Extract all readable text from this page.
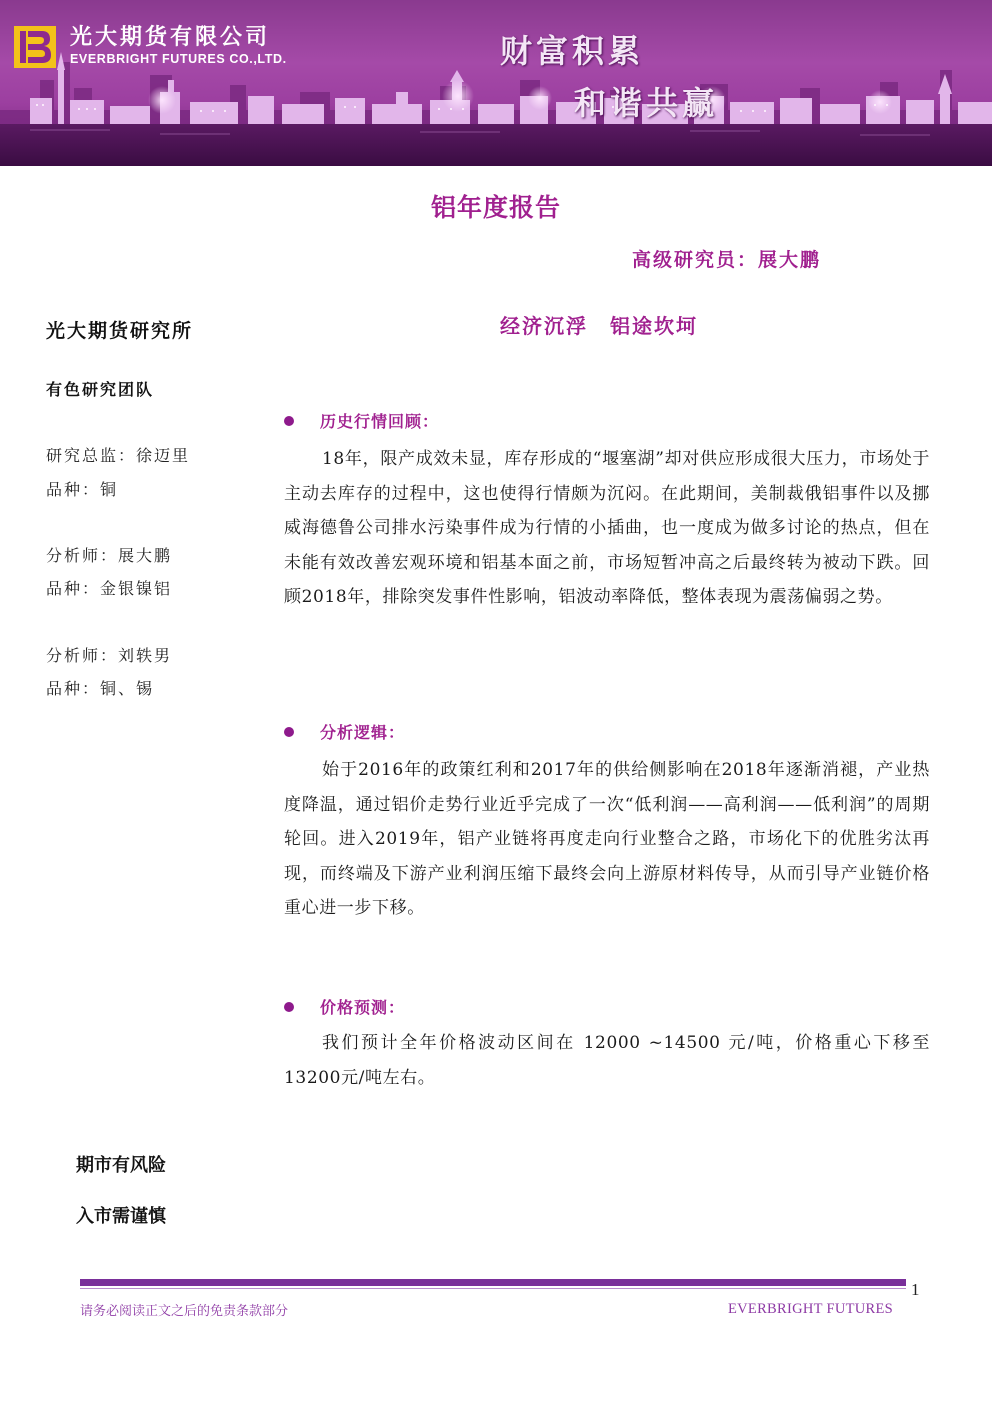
光大期货有限公司
EVERBRIGHT FUTURES CO.,LTD.	财富积累
和谐共赢
铝年度报告
高级研究员：展大鹏
经济沉浮　铝途坎坷
光大期货研究所
有色研究团队
研究总监：徐迈里
品种：铜
分析师：展大鹏
品种：金银镍铝
分析师：刘轶男
品种：铜、锡
期市有风险
入市需谨慎
历史行情回顾：

18年，限产成效未显，库存形成的“堰塞湖”却对供应形成很大压力，市场处于主动去库存的过程中，这也使得行情颇为沉闷。在此期间，美制裁俄铝事件以及挪威海德鲁公司排水污染事件成为行情的小插曲，也一度成为做多讨论的热点，但在未能有效改善宏观环境和铝基本面之前，市场短暂冲高之后最终转为被动下跌。回顾2018年，排除突发事件性影响，铝波动率降低，整体表现为震荡偏弱之势。

分析逻辑：

始于2016年的政策红利和2017年的供给侧影响在2018年逐渐消褪，产业热度降温，通过铝价走势行业近乎完成了一次“低利润——高利润——低利润”的周期轮回。进入2019年，铝产业链将再度走向行业整合之路，市场化下的优胜劣汰再现，而终端及下游产业利润压缩下最终会向上游原材料传导，从而引导产业链价格重心进一步下移。

价格预测：

我们预计全年价格波动区间在 12000 ~14500 元/吨，价格重心下移至13200元/吨左右。

1
请务必阅读正文之后的免责条款部分	EVERBRIGHT FUTURES
